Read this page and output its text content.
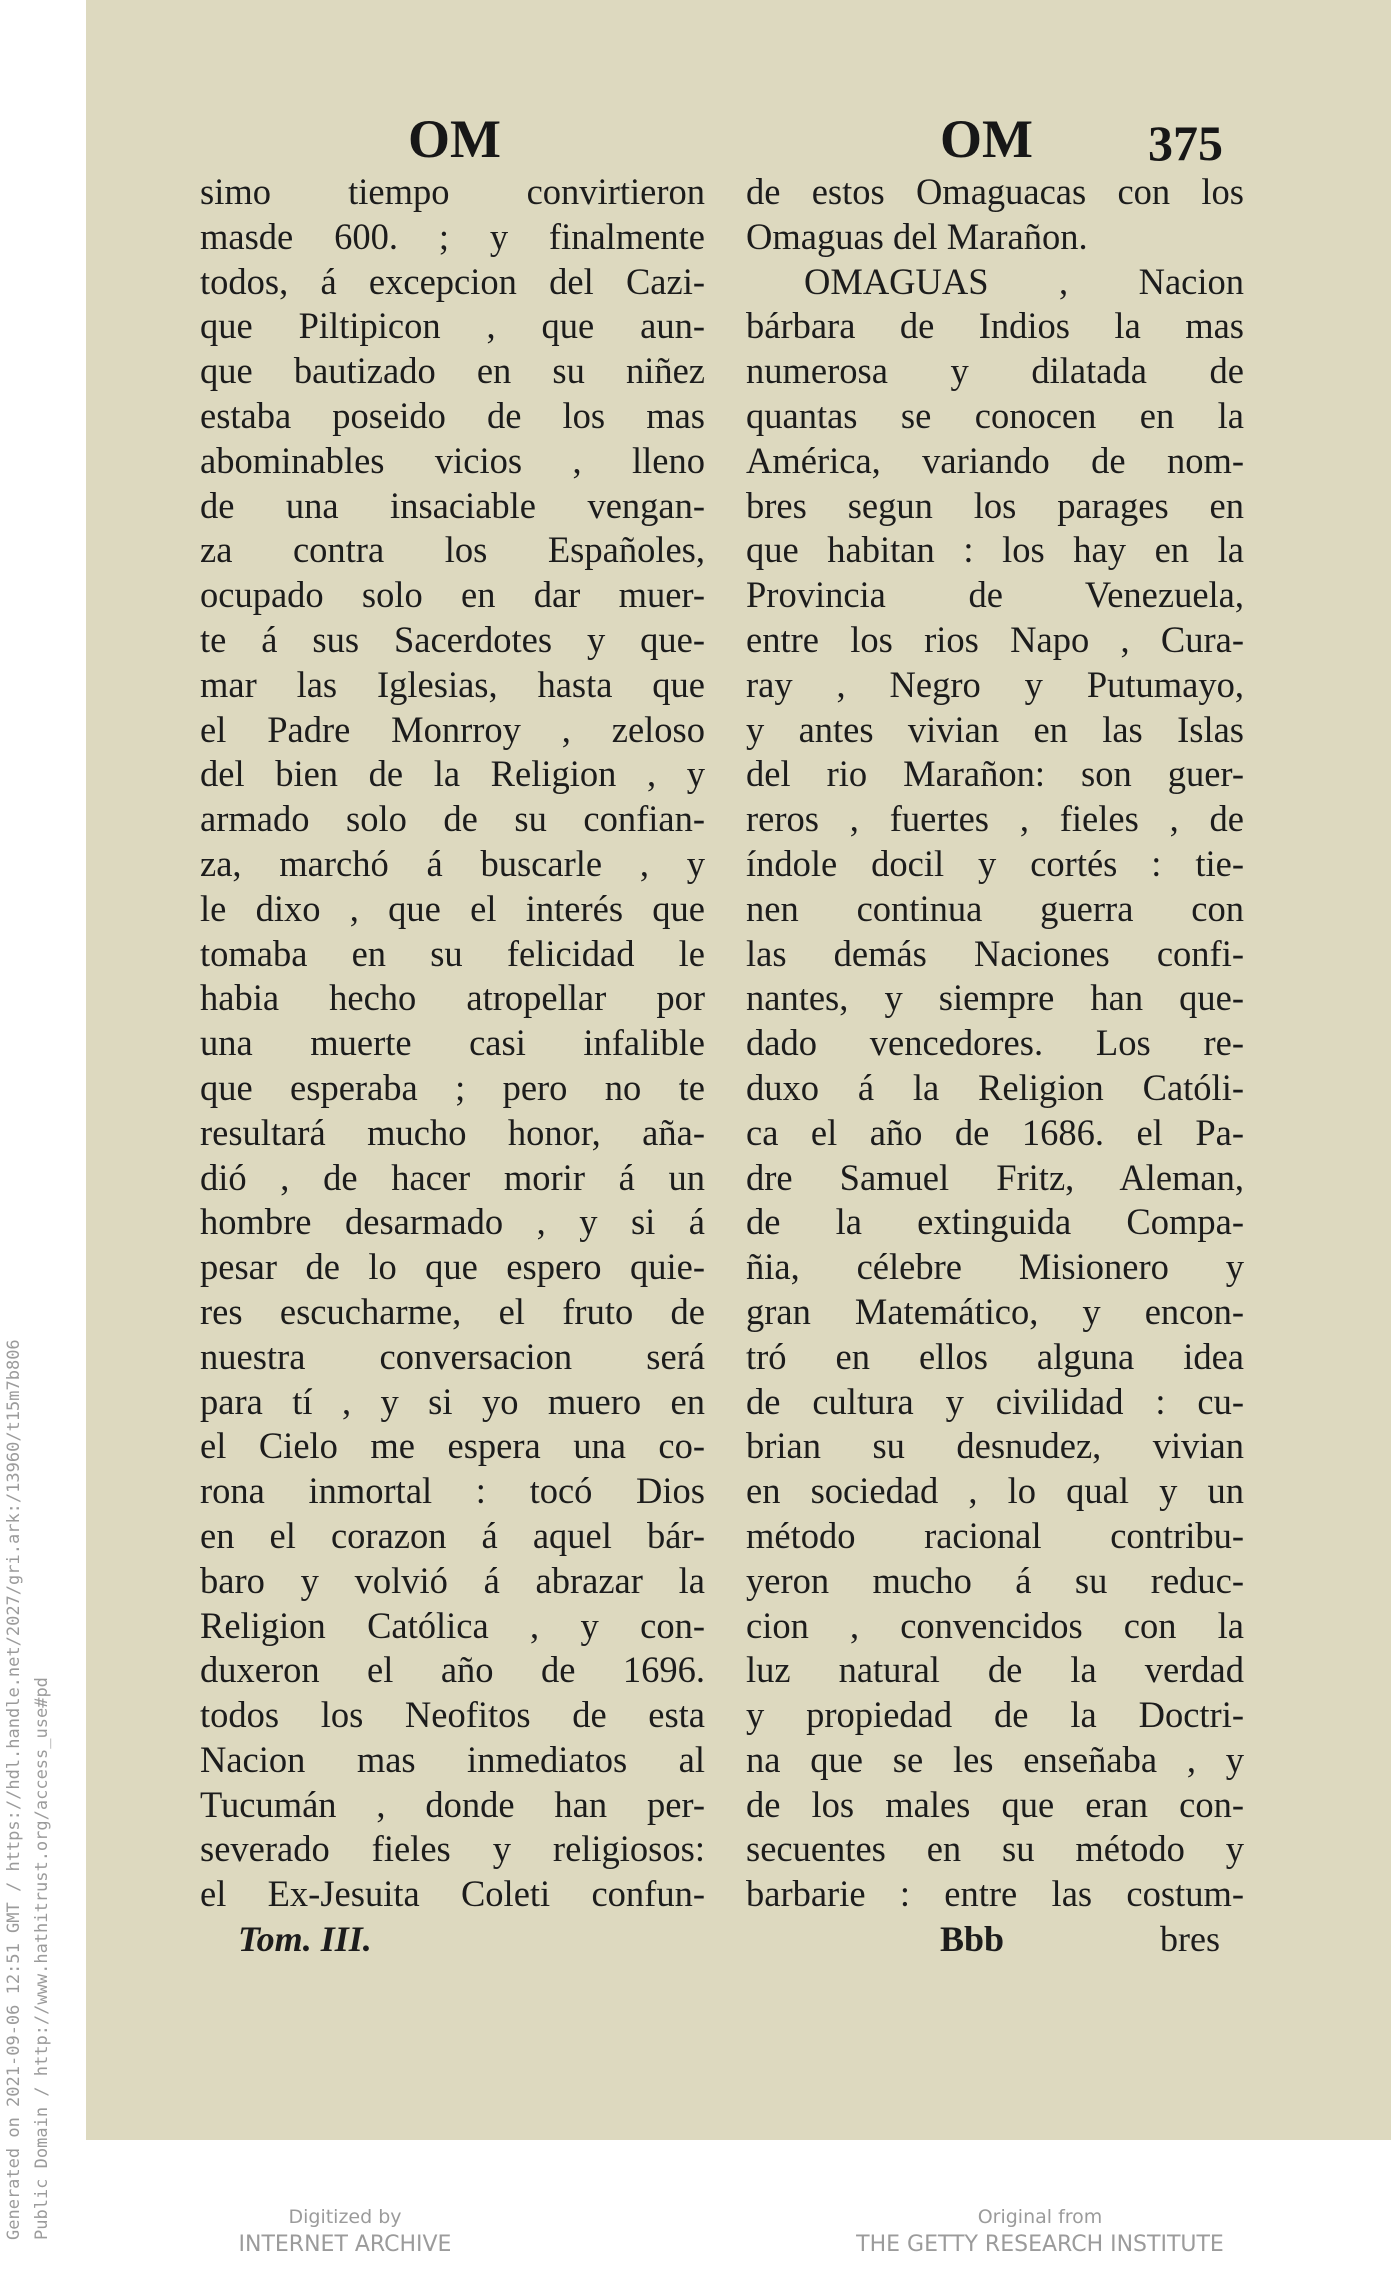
Generated on 2021-09-06 12:51 GMT / https://hdl.handle.net/2027/gri.ark:/13960/t15m7b806 Public Domain / http://www.hathitrust.org/access_use#pd
OM	OM 375
simo tiempo convirtieron
masde 600. ; y finalmente
todos, á excepcion del Cazi-
que Piltipicon , que aun-
que bautizado en su niñez
estaba poseido de los mas
abominables vicios , lleno
de una insaciable vengan-
za contra los Españoles,
ocupado solo en dar muer-
te á sus Sacerdotes y que-
mar las Iglesias, hasta que
el Padre Monrroy , zeloso
del bien de la Religion , y
armado solo de su confian-
za, marchó á buscarle , y
le dixo , que el interés que
tomaba en su felicidad le
habia hecho atropellar por
una muerte casi infalible
que esperaba ; pero no te
resultará mucho honor, aña-
dió , de hacer morir á un
hombre desarmado , y si á
pesar de lo que espero quie-
res escucharme, el fruto de
nuestra conversacion será
para tí , y si yo muero en
el Cielo me espera una co-
rona inmortal : tocó Dios
en el corazon á aquel bár-
baro y volvió á abrazar la
Religion Católica , y con-
duxeron el año de 1696.
todos los Neofitos de esta
Nacion mas inmediatos al
Tucumán , donde han per-
severado fieles y religiosos:
el Ex-Jesuita Coleti confun-
de estos Omaguacas con los
Omaguas del Marañon.
OMAGUAS , Nacion
bárbara de Indios la mas
numerosa y dilatada de
quantas se conocen en la
América, variando de nom-
bres segun los parages en
que habitan : los hay en la
Provincia de Venezuela,
entre los rios Napo , Cura-
ray , Negro y Putumayo,
y antes vivian en las Islas
del rio Marañon: son guer-
reros , fuertes , fieles , de
índole docil y cortés : tie-
nen continua guerra con
las demás Naciones confi-
nantes, y siempre han que-
dado vencedores. Los re-
duxo á la Religion Católi-
ca el año de 1686. el Pa-
dre Samuel Fritz, Aleman,
de la extinguida Compa-
ñia, célebre Misionero y
gran Matemático, y encon-
tró en ellos alguna idea
de cultura y civilidad : cu-
brian su desnudez, vivian
en sociedad , lo qual y un
método racional contribu-
yeron mucho á su reduc-
cion , convencidos con la
luz natural de la verdad
y propiedad de la Doctri-
na que se les enseñaba , y
de los males que eran con-
secuentes en su método y
barbarie : entre las costum-
Tom. III.	Bbb	bres
Digitized by
INTERNET ARCHIVE
Original from
THE GETTY RESEARCH INSTITUTE
